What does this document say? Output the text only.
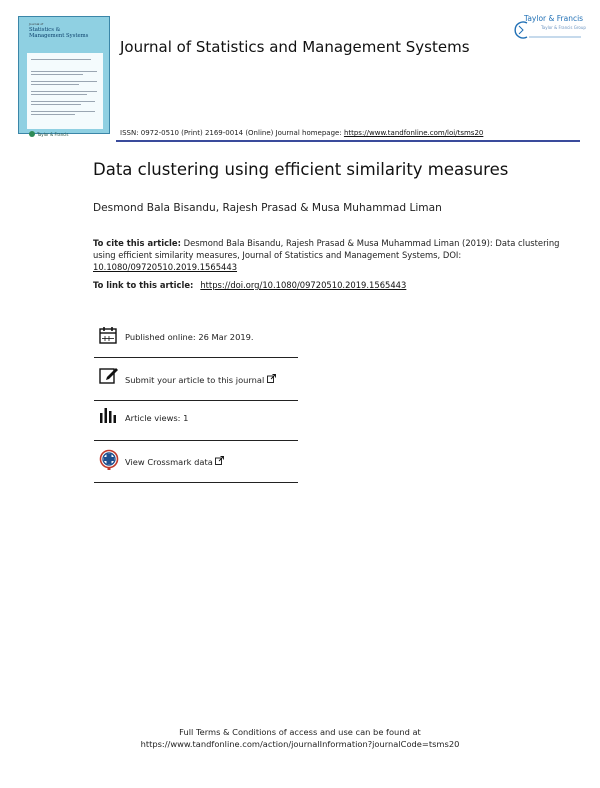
Journal of
Statistics &
Management Systems
Taylor & Francis
Journal of Statistics and Management Systems
Taylor & Francis
Taylor & Francis Group
ISSN: 0972-0510 (Print) 2169-0014 (Online) Journal homepage: https://www.tandfonline.com/loi/tsms20
Data clustering using efficient similarity measures
Desmond Bala Bisandu, Rajesh Prasad & Musa Muhammad Liman
To cite this article: Desmond Bala Bisandu, Rajesh Prasad & Musa Muhammad Liman (2019): Data clustering using efficient similarity measures, Journal of Statistics and Management Systems, DOI: 10.1080/09720510.2019.1565443
To link to this article: https://doi.org/10.1080/09720510.2019.1565443
Published online: 26 Mar 2019.
Submit your article to this journal
Article views: 1
View Crossmark data
Full Terms & Conditions of access and use can be found at
https://www.tandfonline.com/action/journalInformation?journalCode=tsms20
